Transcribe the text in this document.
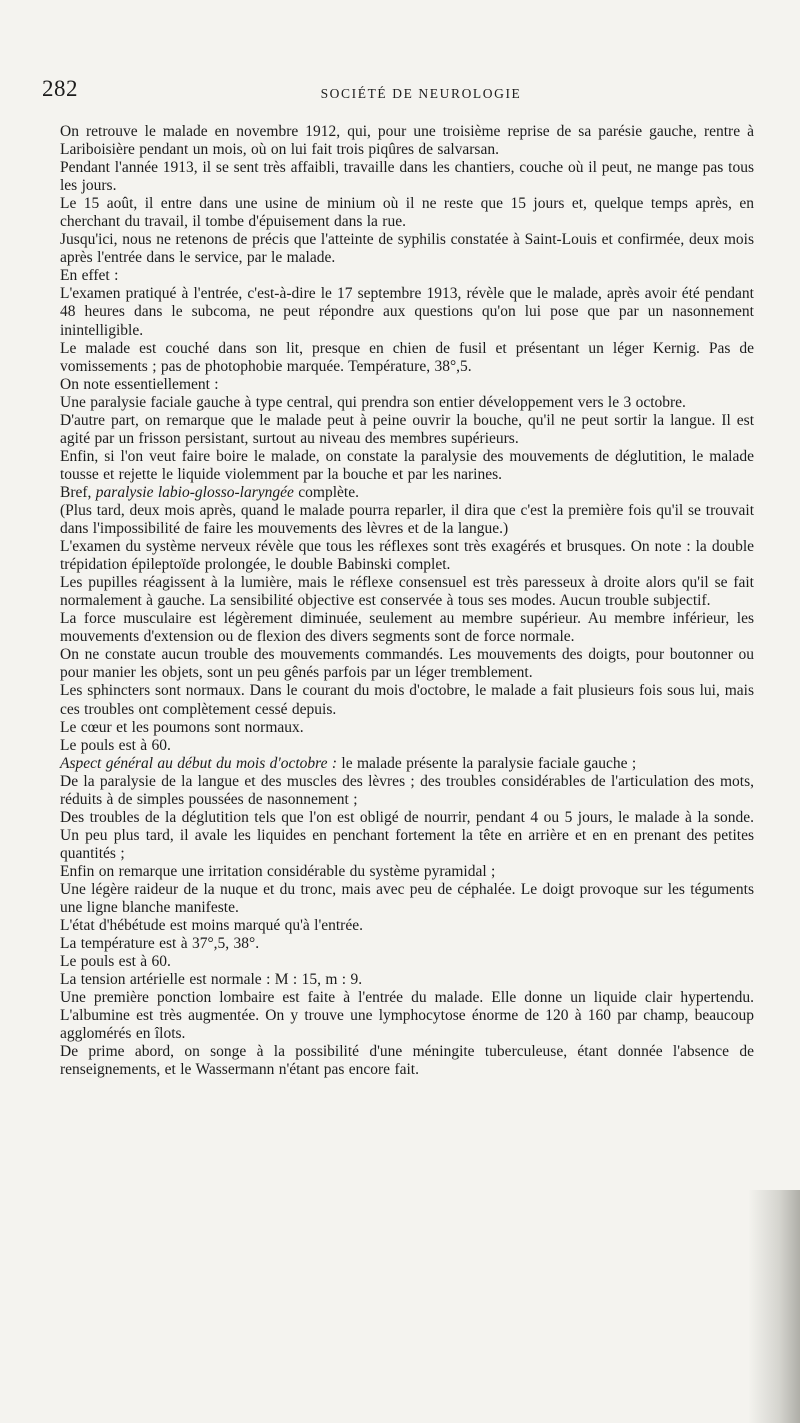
282	SOCIÉTÉ DE NEUROLOGIE

On retrouve le malade en novembre 1912, qui, pour une troisième reprise de sa parésie gauche, rentre à Lariboisière pendant un mois, où on lui fait trois piqûres de salvarsan.

Pendant l'année 1913, il se sent très affaibli, travaille dans les chantiers, couche où il peut, ne mange pas tous les jours.

Le 15 août, il entre dans une usine de minium où il ne reste que 15 jours et, quelque temps après, en cherchant du travail, il tombe d'épuisement dans la rue.

Jusqu'ici, nous ne retenons de précis que l'atteinte de syphilis constatée à Saint-Louis et confirmée, deux mois après l'entrée dans le service, par le malade.

En effet :

L'examen pratiqué à l'entrée, c'est-à-dire le 17 septembre 1913, révèle que le malade, après avoir été pendant 48 heures dans le subcoma, ne peut répondre aux questions qu'on lui pose que par un nasonnement inintelligible.

Le malade est couché dans son lit, presque en chien de fusil et présentant un léger Kernig. Pas de vomissements ; pas de photophobie marquée. Température, 38°,5.

On note essentiellement :

Une paralysie faciale gauche à type central, qui prendra son entier développement vers le 3 octobre.

D'autre part, on remarque que le malade peut à peine ouvrir la bouche, qu'il ne peut sortir la langue. Il est agité par un frisson persistant, surtout au niveau des membres supérieurs.

Enfin, si l'on veut faire boire le malade, on constate la paralysie des mouvements de déglutition, le malade tousse et rejette le liquide violemment par la bouche et par les narines.

Bref, paralysie labio-glosso-laryngée complète.

(Plus tard, deux mois après, quand le malade pourra reparler, il dira que c'est la première fois qu'il se trouvait dans l'impossibilité de faire les mouvements des lèvres et de la langue.)

L'examen du système nerveux révèle que tous les réflexes sont très exagérés et brusques. On note : la double trépidation épileptoïde prolongée, le double Babinski complet.

Les pupilles réagissent à la lumière, mais le réflexe consensuel est très paresseux à droite alors qu'il se fait normalement à gauche. La sensibilité objective est conservée à tous ses modes. Aucun trouble subjectif.

La force musculaire est légèrement diminuée, seulement au membre supérieur. Au membre inférieur, les mouvements d'extension ou de flexion des divers segments sont de force normale.

On ne constate aucun trouble des mouvements commandés. Les mouvements des doigts, pour boutonner ou pour manier les objets, sont un peu gênés parfois par un léger tremblement.

Les sphincters sont normaux. Dans le courant du mois d'octobre, le malade a fait plusieurs fois sous lui, mais ces troubles ont complètement cessé depuis.

Le cœur et les poumons sont normaux.

Le pouls est à 60.

Aspect général au début du mois d'octobre : le malade présente la paralysie faciale gauche ;

De la paralysie de la langue et des muscles des lèvres ; des troubles considérables de l'articulation des mots, réduits à de simples poussées de nasonnement ;

Des troubles de la déglutition tels que l'on est obligé de nourrir, pendant 4 ou 5 jours, le malade à la sonde. Un peu plus tard, il avale les liquides en penchant fortement la tête en arrière et en en prenant des petites quantités ;

Enfin on remarque une irritation considérable du système pyramidal ;

Une légère raideur de la nuque et du tronc, mais avec peu de céphalée. Le doigt provoque sur les téguments une ligne blanche manifeste.

L'état d'hébétude est moins marqué qu'à l'entrée.

La température est à 37°,5, 38°.

Le pouls est à 60.

La tension artérielle est normale : M : 15, m : 9.

Une première ponction lombaire est faite à l'entrée du malade. Elle donne un liquide clair hypertendu. L'albumine est très augmentée. On y trouve une lymphocytose énorme de 120 à 160 par champ, beaucoup agglomérés en îlots.

De prime abord, on songe à la possibilité d'une méningite tuberculeuse, étant donnée l'absence de renseignements, et le Wassermann n'étant pas encore fait.
